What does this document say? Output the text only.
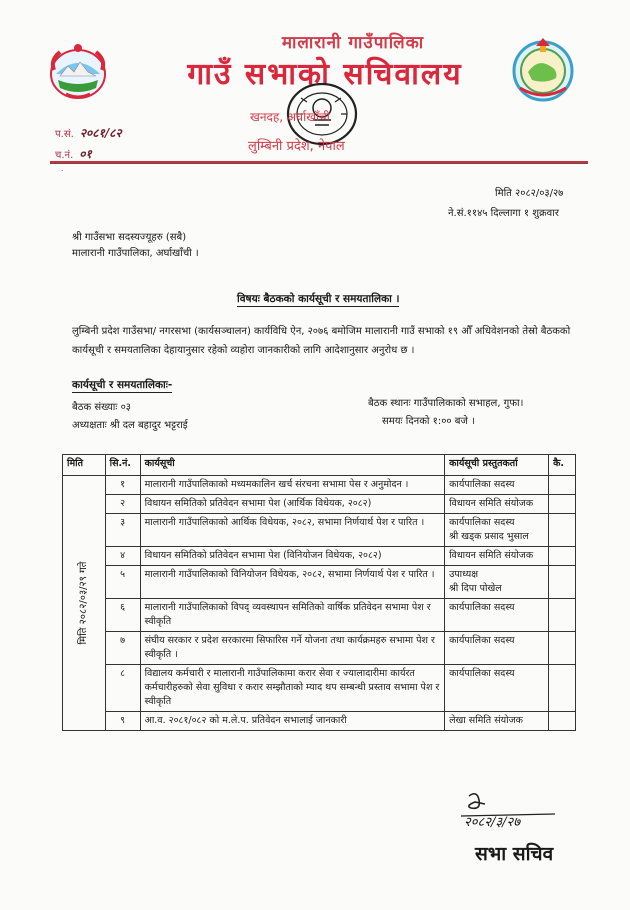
मालारानी गाउँपालिका
गाउँ सभाको सचिवालय
खनदह, अर्घाखाँची
लुम्बिनी प्रदेश, नेपाल
प.सं. २०८१/८२
च.नं. ०१
˙
मिति २०८२/०३/२७
ने.सं.११४५ दिल्लागा १ शुक्रवार
श्री गाउँसभा सदस्यज्यूहरु (सबै)
मालारानी गाउँपालिका, अर्घाखाँची ।
विषयः बैठकको कार्यसूची र समयतालिका ।
लुम्बिनी प्रदेश गाउँसभा/ नगरसभा (कार्यसञ्चालन) कार्यविधि ऐन, २०७६ बमोजिम मालारानी गाउँ सभाको १९ औँ अधिवेशनको तेस्रो बैठकको कार्यसूची र समयतालिका देहायानुसार रहेको व्यहोरा जानकारीको लागि आदेशानुसार अनुरोध छ ।
कार्यसूची र समयतालिकाः-
बैठक संख्याः ०३
अध्यक्षताः श्री दल बहादुर भट्टराई
बैठक स्थानः गाउँपालिकाको सभाहल, गुफा।
समयः दिनको १:०० बजे ।
मिति	सि.नं.	कार्यसूची	कार्यसूची प्रस्तुतकर्ता	कै.

मिति २०८२/०३/२९ गते	१	मालारानी गाउँपालिकाको मध्यमकालिन खर्च संरचना सभामा पेस र अनुमोदन ।	कार्यपालिका सदस्य	
	२	विधायन समितिको प्रतिवेदन सभामा पेश (आर्थिक विधेयक, २०८२)	विधायन समिति संयोजक	
	३	मालारानी गाउँपालिकाको आर्थिक विधेयक, २०८२, सभामा निर्णयार्थ पेश र पारित ।	कार्यपालिका सदस्य
श्री खड्क प्रसाद भुसाल	
	४	विधायन समितिको प्रतिवेदन सभामा पेश (विनियोजन विधेयक, २०८२)	विधायन समिति संयोजक	
	५	मालारानी गाउँपालिकाको विनियोजन विधेयक, २०८२, सभामा निर्णयार्थ पेश र पारित ।	उपाध्यक्ष
श्री दिपा पोखेल	
	६	मालारानी गाउँपालिकाको विपद् व्यवस्थापन समितिको वार्षिक प्रतिवेदन सभामा पेश र स्वीकृति	कार्यपालिका सदस्य	
	७	संघीय सरकार र प्रदेश सरकारमा सिफारिस गर्ने योजना तथा कार्यक्रमहरु सभामा पेश र स्वीकृति ।	कार्यपालिका सदस्य	
	८	विद्यालय कर्मचारी र मालारानी गाउँपालिकामा करार सेवा र ज्यालादारीमा कार्यरत कर्मचारीहरुको सेवा सुविधा र करार सम्झौताको म्याद थप सम्बन्धी प्रस्ताव सभामा पेश र स्वीकृति	कार्यपालिका सदस्य	
	९	आ.व. २०८१/०८२ को म.ले.प. प्रतिवेदन सभालाई जानकारी	लेखा समिति संयोजक	
२०८२/३/२७
सभा सचिव
